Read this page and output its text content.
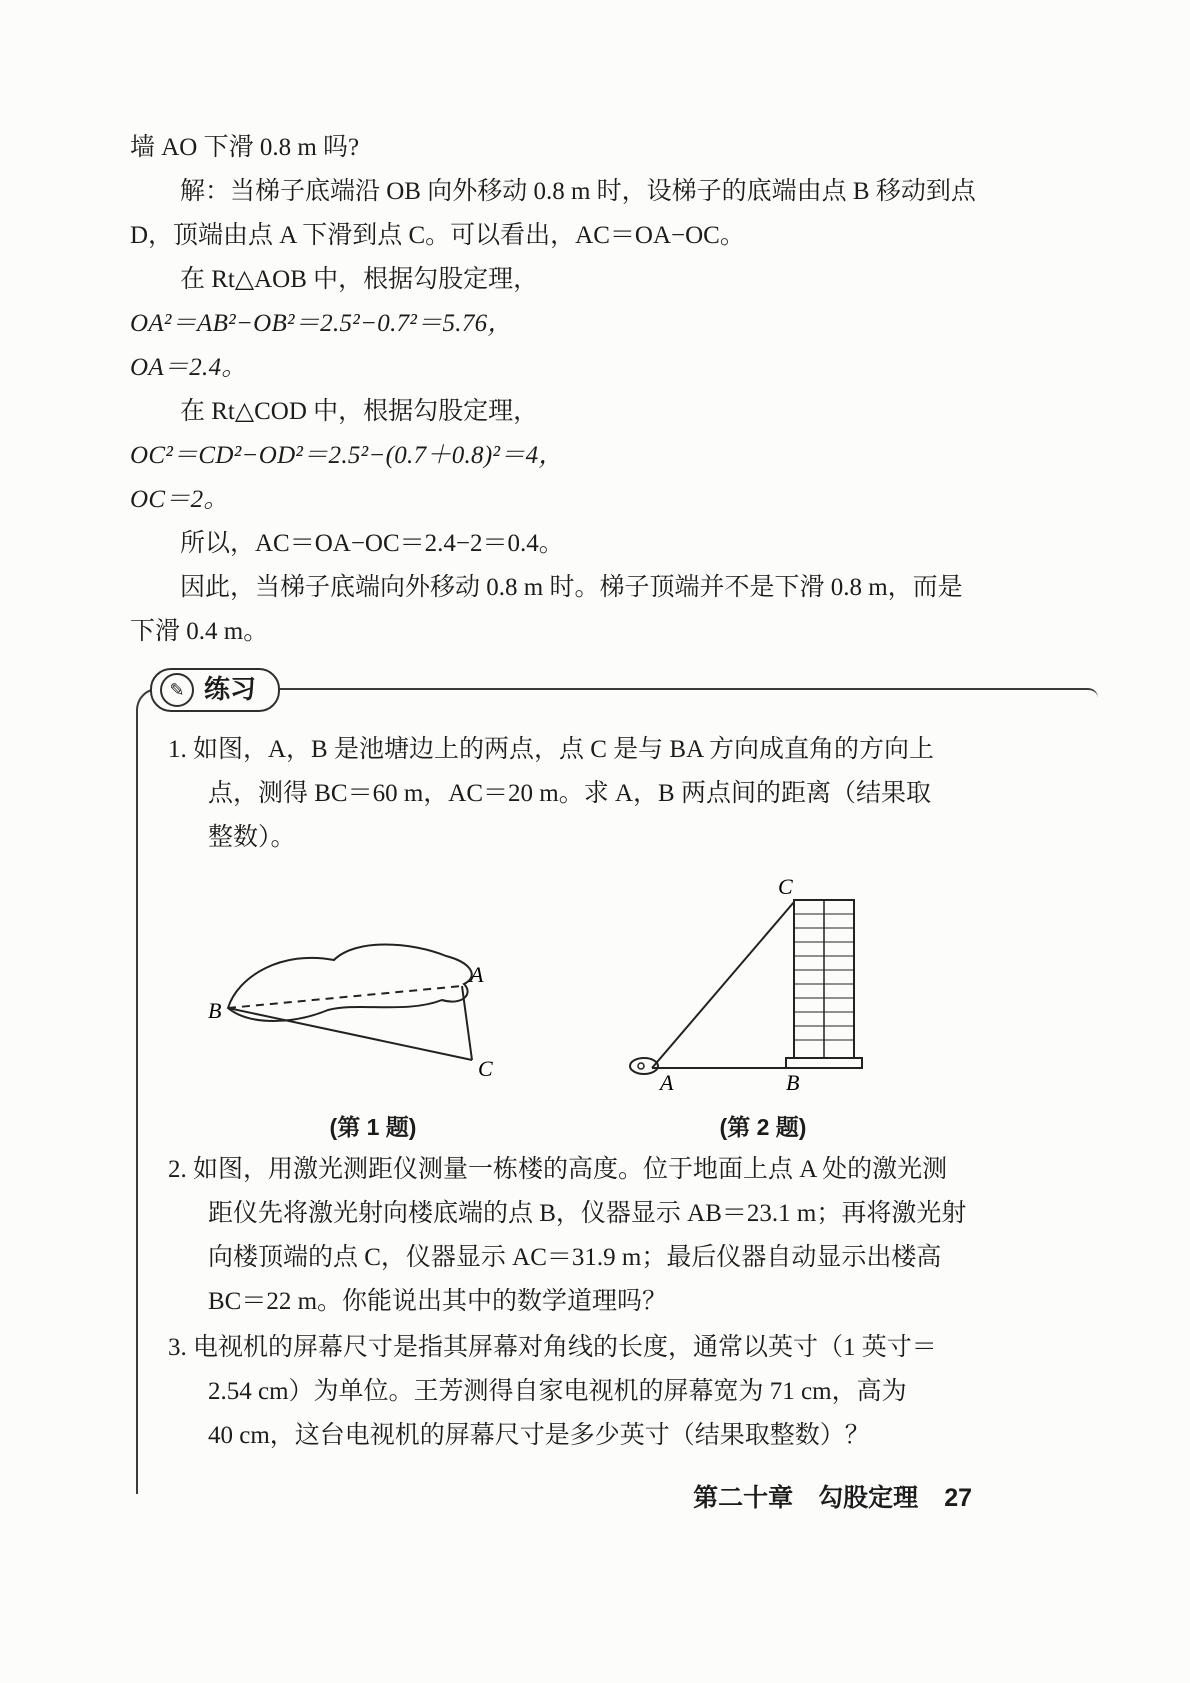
墙 AO 下滑 0.8 m 吗?
解：当梯子底端沿 OB 向外移动 0.8 m 时，设梯子的底端由点 B 移动到点
D，顶端由点 A 下滑到点 C。可以看出，AC＝OA−OC。
在 Rt△AOB 中，根据勾股定理，
OA²＝AB²−OB²＝2.5²−0.7²＝5.76，
OA＝2.4。
在 Rt△COD 中，根据勾股定理，
OC²＝CD²−OD²＝2.5²−(0.7＋0.8)²＝4，
OC＝2。
所以，AC＝OA−OC＝2.4−2＝0.4。
因此，当梯子底端向外移动 0.8 m 时。梯子顶端并不是下滑 0.8 m，而是
下滑 0.4 m。
✎ 练习
1. 如图，A，B 是池塘边上的两点，点 C 是与 BA 方向成直角的方向上
点，测得 BC＝60 m，AC＝20 m。求 A，B 两点间的距离（结果取
整数）。
A
B
C
(第 1 题)
C
A	B
(第 2 题)
2. 如图，用激光测距仪测量一栋楼的高度。位于地面上点 A 处的激光测
距仪先将激光射向楼底端的点 B，仪器显示 AB＝23.1 m；再将激光射
向楼顶端的点 C，仪器显示 AC＝31.9 m；最后仪器自动显示出楼高
BC＝22 m。你能说出其中的数学道理吗？
3. 电视机的屏幕尺寸是指其屏幕对角线的长度，通常以英寸（1 英寸＝
2.54 cm）为单位。王芳测得自家电视机的屏幕宽为 71 cm，高为
40 cm，这台电视机的屏幕尺寸是多少英寸（结果取整数）？
第二十章　勾股定理 27
